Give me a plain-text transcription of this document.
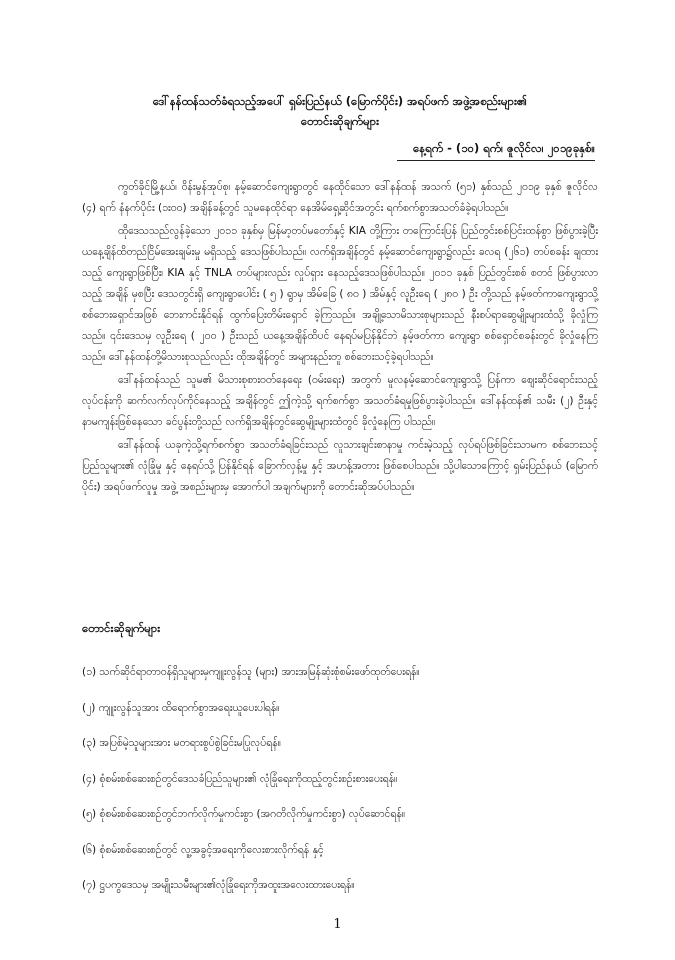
ဒေါ်နန်ထန်သတ်ခံရသည့်အပေါ် ရှမ်းပြည်နယ် (မြောက်ပိုင်း) အရပ်ဖက် အဖွဲ့အစည်းများ၏
တောင်းဆိုချက်များ
နေ့ရက် - (၁၀) ရက်၊ ဇူလိုင်လ၊ ၂၀၁၉ခုနှစ်။

ကွတ်ခိုင်မြို့နယ်၊ ဝိန်းမွန်အုပ်စု၊ နမ့်ဆောင်ကျေးရွာတွင် နေထိုင်သော ဒေါ်နန်ထန် အသက် (၅၁) နှစ်သည် ၂၀၁၉ ခုနှစ် ဇူလိုင်လ (၄) ရက် နံနက်ပိုင်း (၁း၀၀) အချိန်ခန့်တွင် သူမနေထိုင်ရာ နေအိမ်ရှေ့ဆိုင်အတွင်း ရက်စက်စွာအသတ်ခံခဲ့ရပါသည်။

ထိုဒေသသည်လွန်ခဲ့သော ၂၀၁၁ ခုနှစ်မှ မြန်မာ့တပ်မတော်နှင့် KIA တို့ကြား တကြောင်းပြန် ပြည်တွင်းစစ်ပြင်းထန်စွာ ဖြစ်ပွားခဲ့ပြီး ယနေ့ချိန်ထိတည်ငြိမ်အေးချမ်းမှု မရှိသည့် ဒေသဖြစ်ပါသည်။ လက်ရှိအချိန်တွင် နမ့်ဆောင်ကျေးရွာ၌လည်း ခလရ (၂၆၁) တပ်စခန်း ချထားသည့် ကျေးရွာဖြစ်ပြီး၊ KIA နှင့် TNLA တပ်များလည်း လှုပ်ရှား နေသည့်ဒေသဖြစ်ပါသည်။ ၂၀၁၁ ခုနှစ် ပြည်တွင်းစစ် စတင် ဖြစ်ပွားလာသည့် အချိန် မှစပြီး ဒေသတွင်းရှိ ကျေးရွာပေါင်း ( ၅ ) ရွာမှ အိမ်ခြေ ( ၈၀ ) အိမ်နှင့် လူဦးရေ ( ၂၈၀ ) ဦး တို့သည် နမ့်ဖတ်ကာကျေးရွာသို့ စစ်ဘေးရှောင်အဖြစ် ဘေးကင်းနိုင်ရန် ထွက်ပြေးတိမ်းရှောင် ခဲ့ကြသည်။ အချို့သောမိသားစုများသည် နီးစပ်ရာဆွေမျိုးများထံသို့ ခိုလှုံကြသည်။ ၎င်းဒေသမှ လူဦးရေ ( ၂၀၀ ) ဦးသည် ယနေ့အချိန်ထိပင် နေရပ်မပြန်နိုင်ဘဲ နမ့်ဖတ်ကာ ကျေးရွာ စစ်ရှောင်စခန်းတွင် ခိုလှုံနေကြသည်။ ဒေါ်နန်ထန်တို့မိသားစုသည်လည်း ထိုအချိန်တွင် အများနည်းတူ စစ်ဘေးသင့်ခဲ့ရပါသည်။

ဒေါ်နန်ထန်သည် သူမ၏ မိသားစုစားဝတ်နေရေး (ဝမ်းရေး) အတွက် မူလနမ့်ဆောင်ကျေးရွာသို့ ပြန်ကာ စျေးဆိုင်ရောင်းသည့် လုပ်ငန်းကို ဆက်လက်လုပ်ကိုင်နေသည့် အချိန်တွင် ဤကဲ့သို့ ရက်စက်စွာ အသတ်ခံရမှုဖြစ်ပွားခဲ့ပါသည်။ ဒေါ်နန်ထန်၏ သမီး (၂) ဦးနှင့်နာမကျန်းဖြစ်နေသော ခင်ပွန်းတို့သည် လက်ရှိအချိန်တွင်ဆွေမျိုးများထံတွင် ခိုလှုံနေကြ ပါသည်။

ဒေါ်နန်ထန် ယခုကဲ့သို့ရက်စက်စွာ အသတ်ခံရခြင်းသည် လူသားချင်းစာနာမှု ကင်းမဲ့သည့် လုပ်ရပ်ဖြစ်ခြင်းသာမက စစ်ဘေးသင့်ပြည်သူများ၏ လုံခြုံမှု နှင့် နေရပ်သို့ ပြန်နိုင်ရန် ခြောက်လှန့်မှု နှင့် အဟန့်အတား ဖြစ်စေပါသည်။ သို့ပါသောကြောင့် ရှမ်းပြည်နယ် (မြောက်ပိုင်း) အရပ်ဖက်လူမှု အဖွဲ့ အစည်းများမှ အောက်ပါ အချက်များကို တောင်းဆိုအပ်ပါသည်။

တောင်းဆိုချက်များ
(၁) သက်ဆိုင်ရာတာဝန်ရှိသူများမှကျူးလွန်သူ (များ) အားအမြန်ဆုံးစုံစမ်းဖော်ထုတ်ပေးရန်။
(၂) ကျူးလွန်သူအား ထိရောက်စွာအရေးယူပေးပါရန်။
(၃) အပြစ်မဲ့သူများအား မတရားစွပ်စွဲခြင်းမပြုလုပ်ရန်။
(၄) စုံစမ်းစစ်ဆေးစဉ်တွင်ဒေသခံပြည်သူများ၏ လုံခြုံရေးကိုထည့်တွင်းစဉ်းစားပေးရန်။
(၅) စုံစမ်းစစ်ဆေးစဉ်တွင်ဘက်လိုက်မှုကင်းစွာ (အဂတိလိုက်မှုကင်းစွာ) လုပ်ဆောင်ရန်။
(၆) စုံစမ်းစစ်ဆေးစဉ်တွင် လူ့အခွင့်အရေးကိုလေးစားလိုက်ရန် နှင့်
(၇) ဋ္ဌပကွဒေသမှ အမျိုးသမီးများ၏လုံခြုံရေးကိုအထူးအလေးထားပေးရန်။
1
